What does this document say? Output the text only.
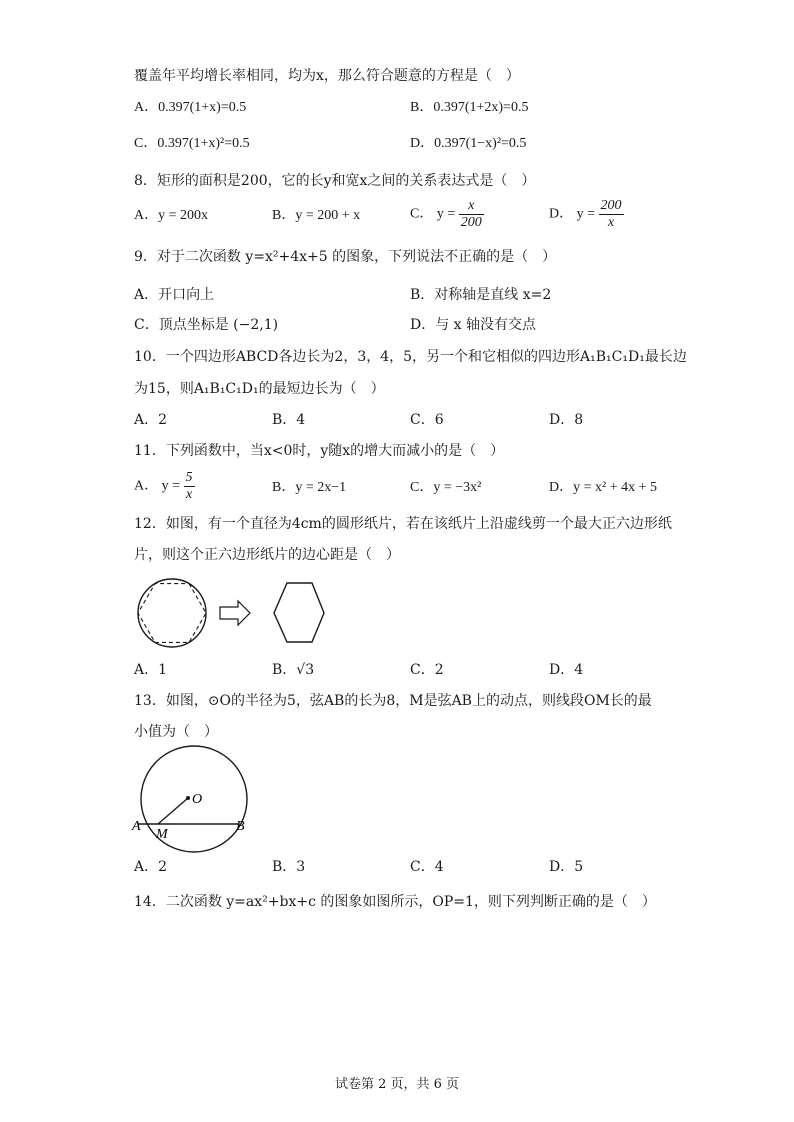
覆盖年平均增长率相同，均为x，那么符合题意的方程是（　）
A．0.397(1+x)=0.5	B．0.397(1+2x)=0.5
C．0.397(1+x)²=0.5	D．0.397(1−x)²=0.5
8．矩形的面积是200，它的长y和宽x之间的关系表达式是（　）
A．y = 200x	B．y = 200 + x	C． $y = \frac{x}{200}$	D． $y = \frac{200}{x}$
9．对于二次函数 y=x²+4x+5 的图象，下列说法不正确的是（　）
A．开口向上	B．对称轴是直线 x=2
C．顶点坐标是 (−2,1)	D．与 x 轴没有交点
10．一个四边形ABCD各边长为2，3，4，5，另一个和它相似的四边形A₁B₁C₁D₁最长边
为15，则A₁B₁C₁D₁的最短边长为（　）
A．2	B．4	C．6	D．8
11．下列函数中，当x<0时，y随x的增大而减小的是（　）
A． $y = \frac{5}{x}$	B．y = 2x−1	C．y = −3x²	D．y = x² + 4x + 5
12．如图，有一个直径为4cm的圆形纸片，若在该纸片上沿虚线剪一个最大正六边形纸
片，则这个正六边形纸片的边心距是（　）
A．1	B．√3	C．2	D．4
13．如图，⊙O的半径为5，弦AB的长为8，M是弦AB上的动点，则线段OM长的最
小值为（　）
O
A
M
B
A．2	B．3	C．4	D．5
14．二次函数 y=ax²+bx+c 的图象如图所示，OP=1，则下列判断正确的是（　）
试卷第 2 页，共 6 页
